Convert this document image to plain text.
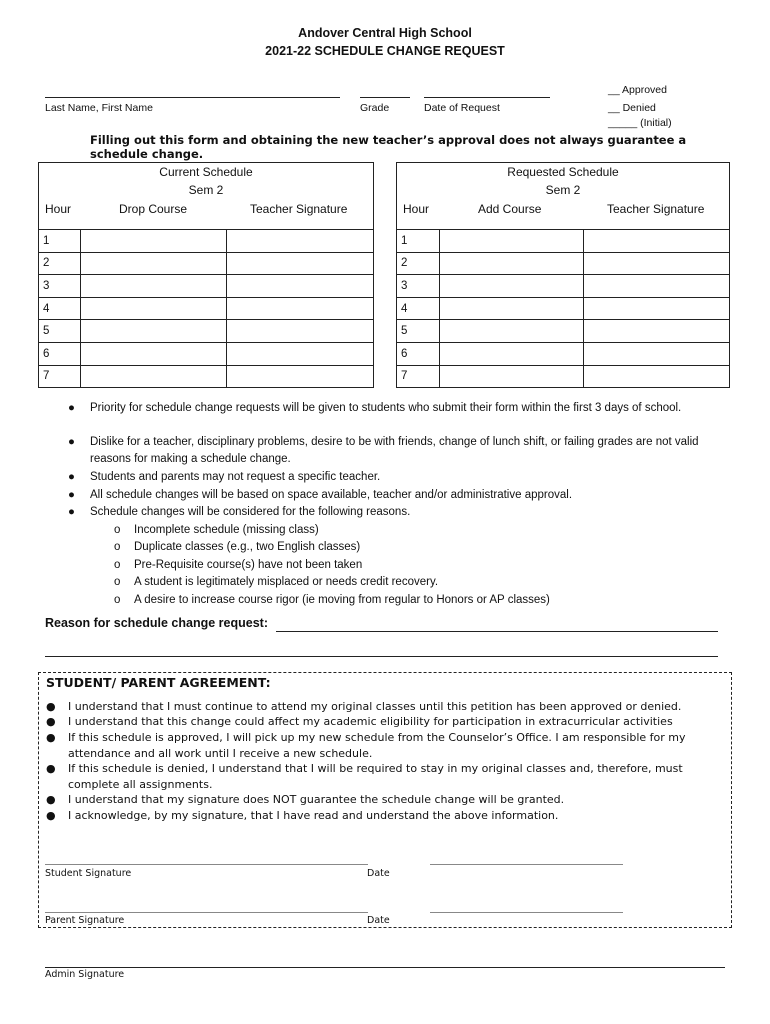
Andover Central High School
2021-22 SCHEDULE CHANGE REQUEST
Last Name, First Name	Grade	Date of Request
__ Approved
__ Denied
_____ (Initial)
Filling out this form and obtaining the new teacher’s approval does not always guarantee a schedule change.
Current Schedule
Sem 2
Hour	Drop Course	Teacher Signature
1		
2		
3		
4		
5		
6		
7		
Requested Schedule
Sem 2
Hour	Add Course	Teacher Signature
1		
2		
3		
4		
5		
6		
7		
● Priority for schedule change requests will be given to students who submit their form within the first 3 days of school.
● Dislike for a teacher, disciplinary problems, desire to be with friends, change of lunch shift, or failing grades are not valid reasons for making a schedule change.
● Students and parents may not request a specific teacher.
● All schedule changes will be based on space available, teacher and/or administrative approval.
● Schedule changes will be considered for the following reasons.
o Incomplete schedule (missing class)
o Duplicate classes (e.g., two English classes)
o Pre-Requisite course(s) have not been taken
o A student is legitimately misplaced or needs credit recovery.
o A desire to increase course rigor (ie moving from regular to Honors or AP classes)
Reason for schedule change request:
STUDENT/ PARENT AGREEMENT:
● I understand that I must continue to attend my original classes until this petition has been approved or denied.
● I understand that this change could affect my academic eligibility for participation in extracurricular activities
● If this schedule is approved, I will pick up my new schedule from the Counselor’s Office. I am responsible for my attendance and all work until I receive a new schedule.
● If this schedule is denied, I understand that I will be required to stay in my original classes and, therefore, must complete all assignments.
● I understand that my signature does NOT guarantee the schedule change will be granted.
● I acknowledge, by my signature, that I have read and understand the above information.
Student Signature	Date
Parent Signature	Date
Admin Signature
